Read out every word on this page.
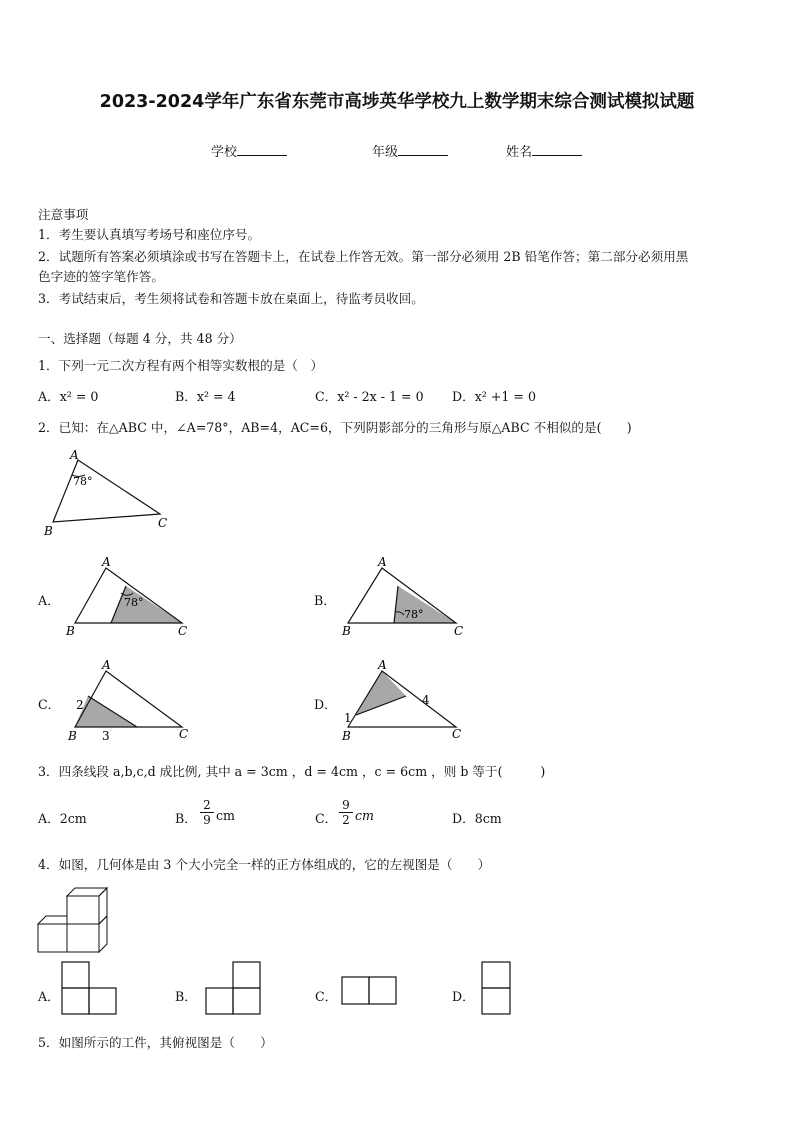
2023-2024学年广东省东莞市高埗英华学校九上数学期末综合测试模拟试题
学校	年级	姓名
注意事项
1．考生要认真填写考场号和座位序号。
2．试题所有答案必须填涂或书写在答题卡上，在试卷上作答无效。第一部分必须用 2B 铅笔作答；第二部分必须用黑
色字迹的签字笔作答。
3．考试结束后，考生须将试卷和答题卡放在桌面上，待监考员收回。
一、选择题（每题 4 分，共 48 分）
1．下列一元二次方程有两个相等实数根的是（　）
A．x² = 0	B．x² = 4	C．x² - 2x - 1 = 0 D．x² +1 = 0
2．已知：在△ABC 中，∠A=78°，AB=4，AC=6，下列阴影部分的三角形与原△ABC 不相似的是(　　)
A
78°
B
C
A．
A
78°
B	C
B．
A
78°
B	C
C．
A
2
3
B	C
D．
A
1
4
B	C
3．四条线段 a,b,c,d 成比例, 其中 a = 3cm ，d = 4cm ，c = 6cm ，则 b 等于(　　　)
A．2cm	B． $\frac{2}{9}$ cm	C． $\frac{9}{2}$ cm	D．8cm
4．如图，几何体是由 3 个大小完全一样的正方体组成的，它的左视图是（　　）
A．	B．	C．	D．
5．如图所示的工件，其俯视图是（　　）
